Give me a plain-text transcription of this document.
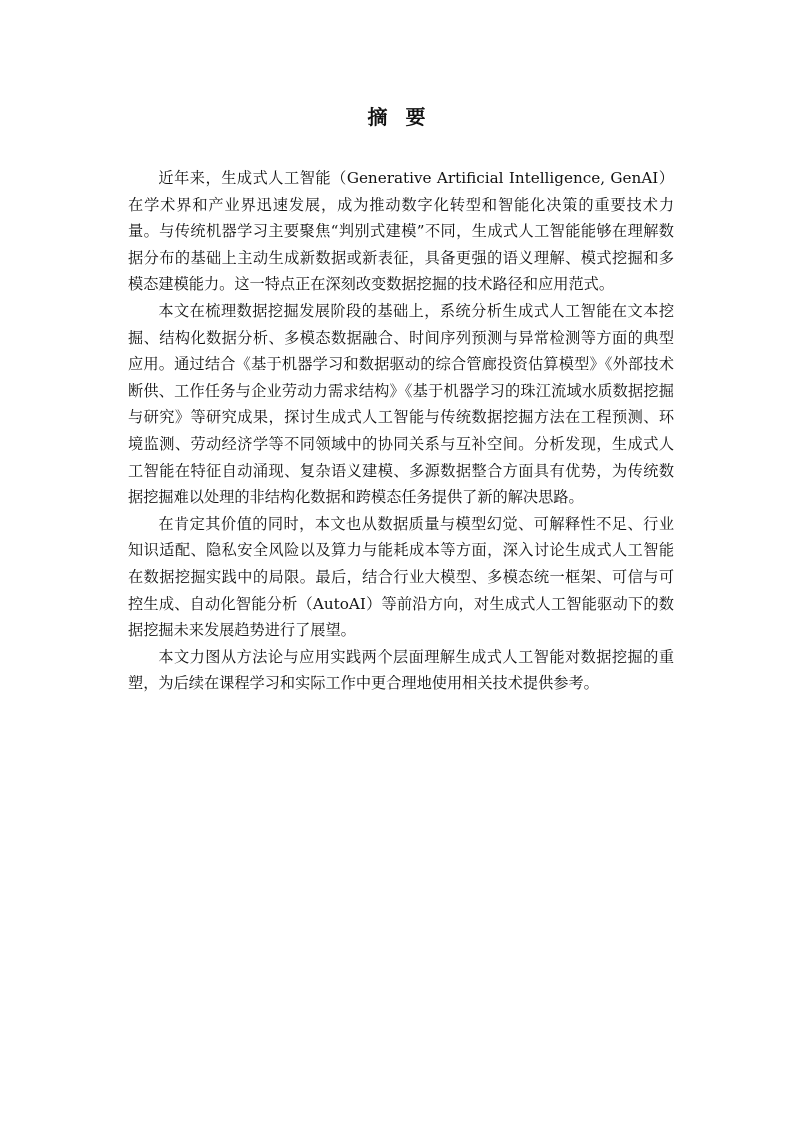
摘要

近年来，生成式人工智能（Generative Artificial Intelligence, GenAI）在学术界和产业界迅速发展，成为推动数字化转型和智能化决策的重要技术力量。与传统机器学习主要聚焦“判别式建模”不同，生成式人工智能能够在理解数据分布的基础上主动生成新数据或新表征，具备更强的语义理解、模式挖掘和多模态建模能力。这一特点正在深刻改变数据挖掘的技术路径和应用范式。

本文在梳理数据挖掘发展阶段的基础上，系统分析生成式人工智能在文本挖掘、结构化数据分析、多模态数据融合、时间序列预测与异常检测等方面的典型应用。通过结合《基于机器学习和数据驱动的综合管廊投资估算模型》《外部技术断供、工作任务与企业劳动力需求结构》《基于机器学习的珠江流域水质数据挖掘与研究》等研究成果，探讨生成式人工智能与传统数据挖掘方法在工程预测、环境监测、劳动经济学等不同领域中的协同关系与互补空间。分析发现，生成式人工智能在特征自动涌现、复杂语义建模、多源数据整合方面具有优势，为传统数据挖掘难以处理的非结构化数据和跨模态任务提供了新的解决思路。

在肯定其价值的同时，本文也从数据质量与模型幻觉、可解释性不足、行业知识适配、隐私安全风险以及算力与能耗成本等方面，深入讨论生成式人工智能在数据挖掘实践中的局限。最后，结合行业大模型、多模态统一框架、可信与可控生成、自动化智能分析（AutoAI）等前沿方向，对生成式人工智能驱动下的数据挖掘未来发展趋势进行了展望。

本文力图从方法论与应用实践两个层面理解生成式人工智能对数据挖掘的重塑，为后续在课程学习和实际工作中更合理地使用相关技术提供参考。
